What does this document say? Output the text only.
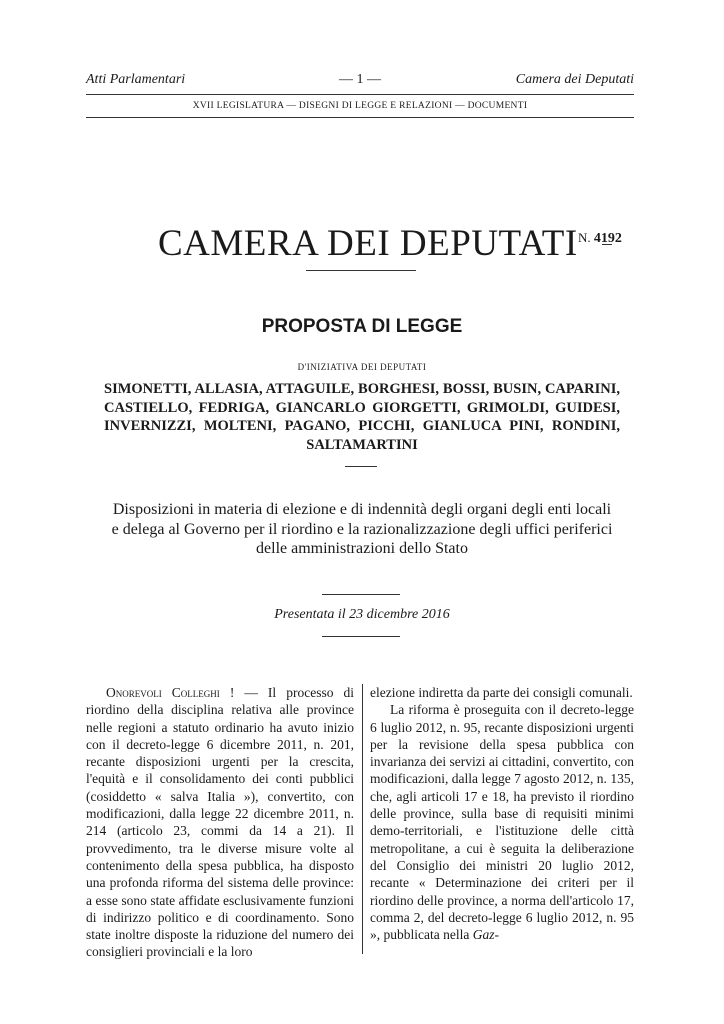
Atti Parlamentari	— 1 —	Camera dei Deputati
XVII LEGISLATURA — DISEGNI DI LEGGE E RELAZIONI — DOCUMENTI
CAMERA DEI DEPUTATI N. 4192
PROPOSTA DI LEGGE
D'INIZIATIVA DEI DEPUTATI
SIMONETTI, ALLASIA, ATTAGUILE, BORGHESI, BOSSI, BUSIN, CAPARINI, CASTIELLO, FEDRIGA, GIANCARLO GIORGETTI, GRIMOLDI, GUIDESI, INVERNIZZI, MOLTENI, PAGANO, PICCHI, GIANLUCA PINI, RONDINI, SALTAMARTINI
Disposizioni in materia di elezione e di indennità degli organi degli enti locali e delega al Governo per il riordino e la razionalizzazione degli uffici periferici delle amministrazioni dello Stato
Presentata il 23 dicembre 2016

Onorevoli Colleghi ! — Il processo di riordino della disciplina relativa alle province nelle regioni a statuto ordinario ha avuto inizio con il decreto-legge 6 dicembre 2011, n. 201, recante disposizioni urgenti per la crescita, l'equità e il consolidamento dei conti pubblici (cosiddetto « salva Italia »), convertito, con modificazioni, dalla legge 22 dicembre 2011, n. 214 (articolo 23, commi da 14 a 21). Il provvedimento, tra le diverse misure volte al contenimento della spesa pubblica, ha disposto una profonda riforma del sistema delle province: a esse sono state affidate esclusivamente funzioni di indirizzo politico e di coordinamento. Sono state inoltre disposte la riduzione del numero dei consiglieri provinciali e la loro

elezione indiretta da parte dei consigli comunali.

La riforma è proseguita con il decreto-legge 6 luglio 2012, n. 95, recante disposizioni urgenti per la revisione della spesa pubblica con invarianza dei servizi ai cittadini, convertito, con modificazioni, dalla legge 7 agosto 2012, n. 135, che, agli articoli 17 e 18, ha previsto il riordino delle province, sulla base di requisiti minimi demo-territoriali, e l'istituzione delle città metropolitane, a cui è seguita la deliberazione del Consiglio dei ministri 20 luglio 2012, recante « Determinazione dei criteri per il riordino delle province, a norma dell'articolo 17, comma 2, del decreto-legge 6 luglio 2012, n. 95 », pubblicata nella Gaz-
